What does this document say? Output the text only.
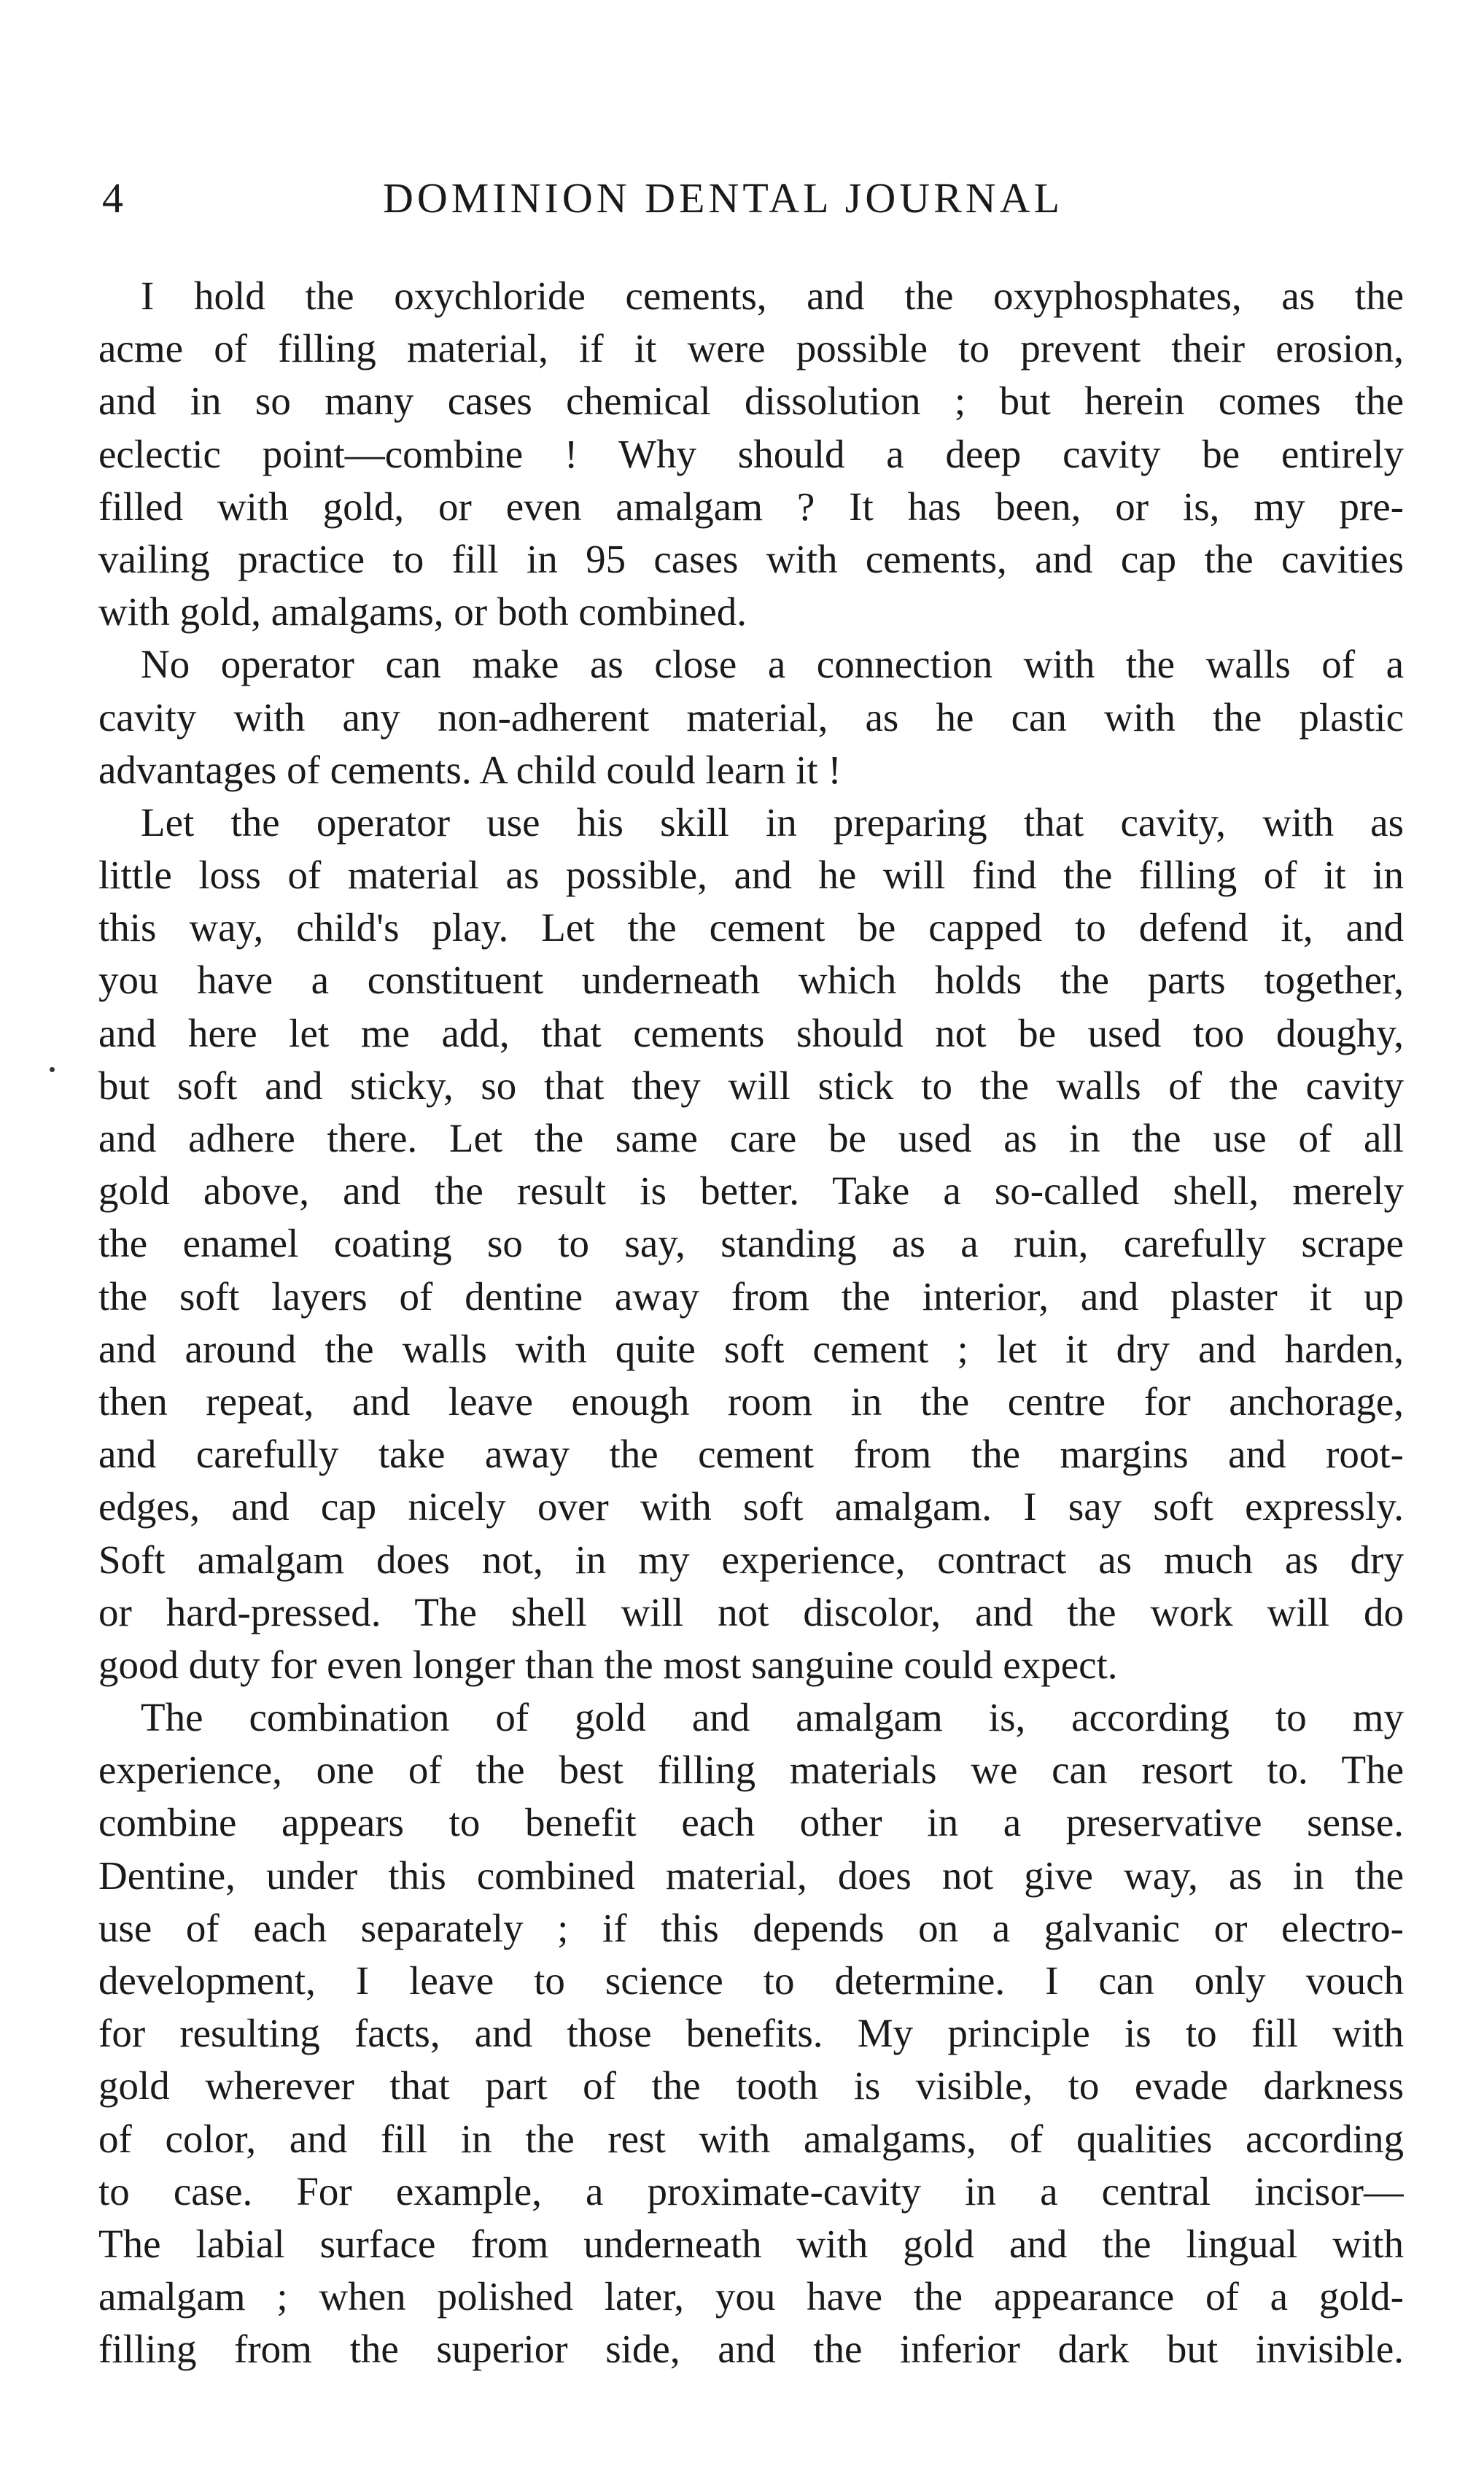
4	DOMINION DENTAL JOURNAL
I hold the oxychloride cements, and the oxyphosphates, as the
acme of filling material, if it were possible to prevent their erosion,
and in so many cases chemical dissolution ; but herein comes the
eclectic point—combine ! Why should a deep cavity be entirely
filled with gold, or even amalgam ? It has been, or is, my pre-
vailing practice to fill in 95 cases with cements, and cap the cavities
with gold, amalgams, or both combined.
No operator can make as close a connection with the walls of a
cavity with any non-adherent material, as he can with the plastic
advantages of cements. A child could learn it !
Let the operator use his skill in preparing that cavity, with as
little loss of material as possible, and he will find the filling of it in
this way, child's play. Let the cement be capped to defend it, and
you have a constituent underneath which holds the parts together,
and here let me add, that cements should not be used too doughy,
but soft and sticky, so that they will stick to the walls of the cavity
and adhere there. Let the same care be used as in the use of all
gold above, and the result is better. Take a so-called shell, merely
the enamel coating so to say, standing as a ruin, carefully scrape
the soft layers of dentine away from the interior, and plaster it up
and around the walls with quite soft cement ; let it dry and harden,
then repeat, and leave enough room in the centre for anchorage,
and carefully take away the cement from the margins and root-
edges, and cap nicely over with soft amalgam. I say soft expressly.
Soft amalgam does not, in my experience, contract as much as dry
or hard-pressed. The shell will not discolor, and the work will do
good duty for even longer than the most sanguine could expect.
The combination of gold and amalgam is, according to my
experience, one of the best filling materials we can resort to. The
combine appears to benefit each other in a preservative sense.
Dentine, under this combined material, does not give way, as in the
use of each separately ; if this depends on a galvanic or electro-
development, I leave to science to determine. I can only vouch
for resulting facts, and those benefits. My principle is to fill with
gold wherever that part of the tooth is visible, to evade darkness
of color, and fill in the rest with amalgams, of qualities according
to case. For example, a proximate-cavity in a central incisor—
The labial surface from underneath with gold and the lingual with
amalgam ; when polished later, you have the appearance of a gold-
filling from the superior side, and the inferior dark but invisible.
